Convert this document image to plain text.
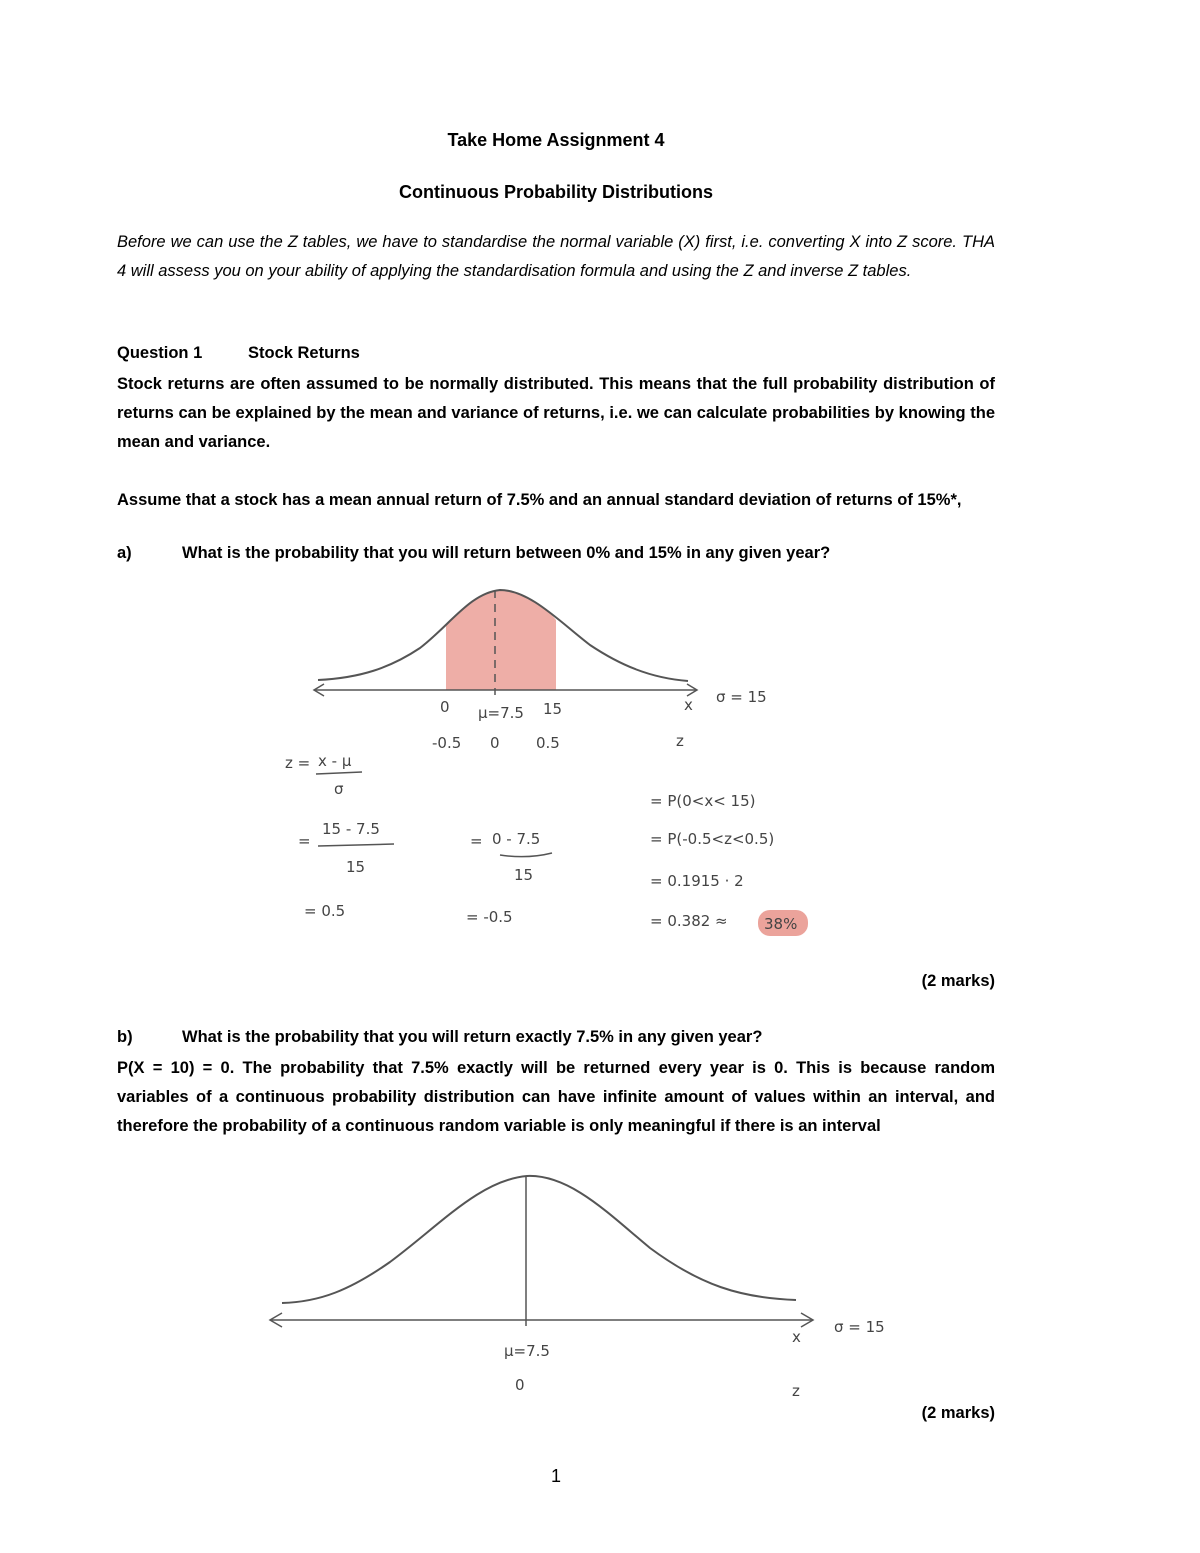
Take Home Assignment 4
Continuous Probability Distributions
Before we can use the Z tables, we have to standardise the normal variable (X) first, i.e. converting X into Z score. THA 4 will assess you on your ability of applying the standardisation formula and using the Z and inverse Z tables.
Question 1	Stock Returns
Stock returns are often assumed to be normally distributed. This means that the full probability distribution of returns can be explained by the mean and variance of returns, i.e. we can calculate probabilities by knowing the mean and variance.
Assume that a stock has a mean annual return of 7.5% and an annual standard deviation of returns of 15%*,
a)	What is the probability that you will return between 0% and 15% in any given year?
0 μ=7.5 15	x σ = 15
-0.5 0 0.5	z
z = x - μ
σ
=
15 - 7.5
15
= 0.5
= 0 - 7.5
15
= -0.5
= P(0<x< 15)
= P(-0.5<z<0.5)
= 0.1915 · 2
= 0.382 ≈ 38%
(2 marks)
b)	What is the probability that you will return exactly 7.5% in any given year?
P(X = 10) = 0. The probability that 7.5% exactly will be returned every year is 0. This is because random variables of a continuous probability distribution can have infinite amount of values within an interval, and therefore the probability of a continuous random variable is only meaningful if there is an interval
μ=7.5
x
σ = 15
0	z
(2 marks)
1
